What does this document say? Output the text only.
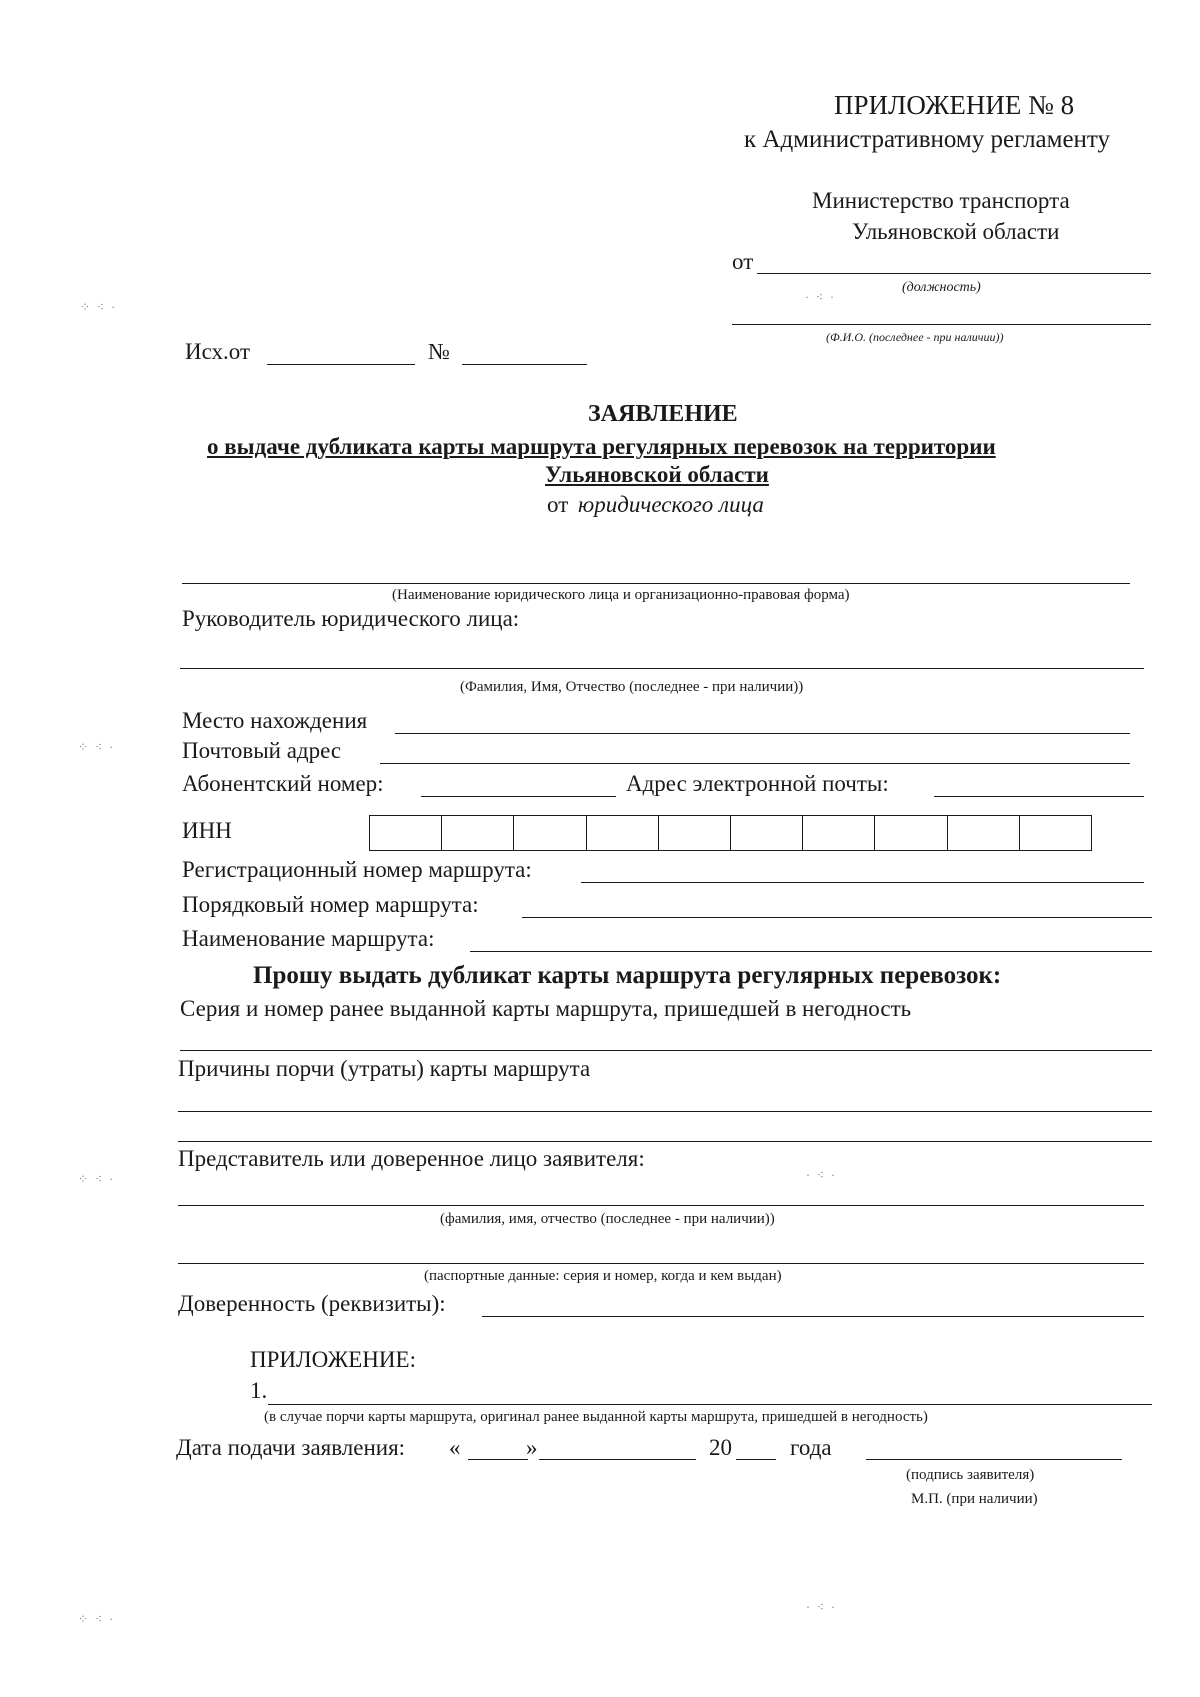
ПРИЛОЖЕНИЕ № 8
к Административному регламенту
Министерство транспорта
Ульяновской области
от
(должность)
(Ф.И.О. (последнее - при наличии))
Исх.от	№
ЗАЯВЛЕНИЕ
о выдаче дубликата карты маршрута регулярных перевозок на территории
Ульяновской области
от юридического лица
(Наименование юридического лица и организационно-правовая форма)
Руководитель юридического лица:
(Фамилия, Имя, Отчество (последнее - при наличии))
Место нахождения
Почтовый адрес
Абонентский номер:	Адрес электронной почты:
ИНН
Регистрационный номер маршрута:
Порядковый номер маршрута:
Наименование маршрута:
Прошу выдать дубликат карты маршрута регулярных перевозок:
Серия и номер ранее выданной карты маршрута, пришедшей в негодность
Причины порчи (утраты) карты маршрута
Представитель или доверенное лицо заявителя:
(фамилия, имя, отчество (последнее - при наличии))
(паспортные данные: серия и номер, когда и кем выдан)
Доверенность (реквизиты):
ПРИЛОЖЕНИЕ:
1.
(в случае порчи карты маршрута, оригинал ранее выданной карты маршрута, пришедшей в негодность)
Дата подачи заявления: «	»	20	года
(подпись заявителя)
М.П. (при наличии)
⁘ ⁖ ·
⁘ ⁖ ·
⁘ ⁖ ·
⁘ ⁖ ·
· ⁖ ·
· ⁖ ·
· ⁖ ·
